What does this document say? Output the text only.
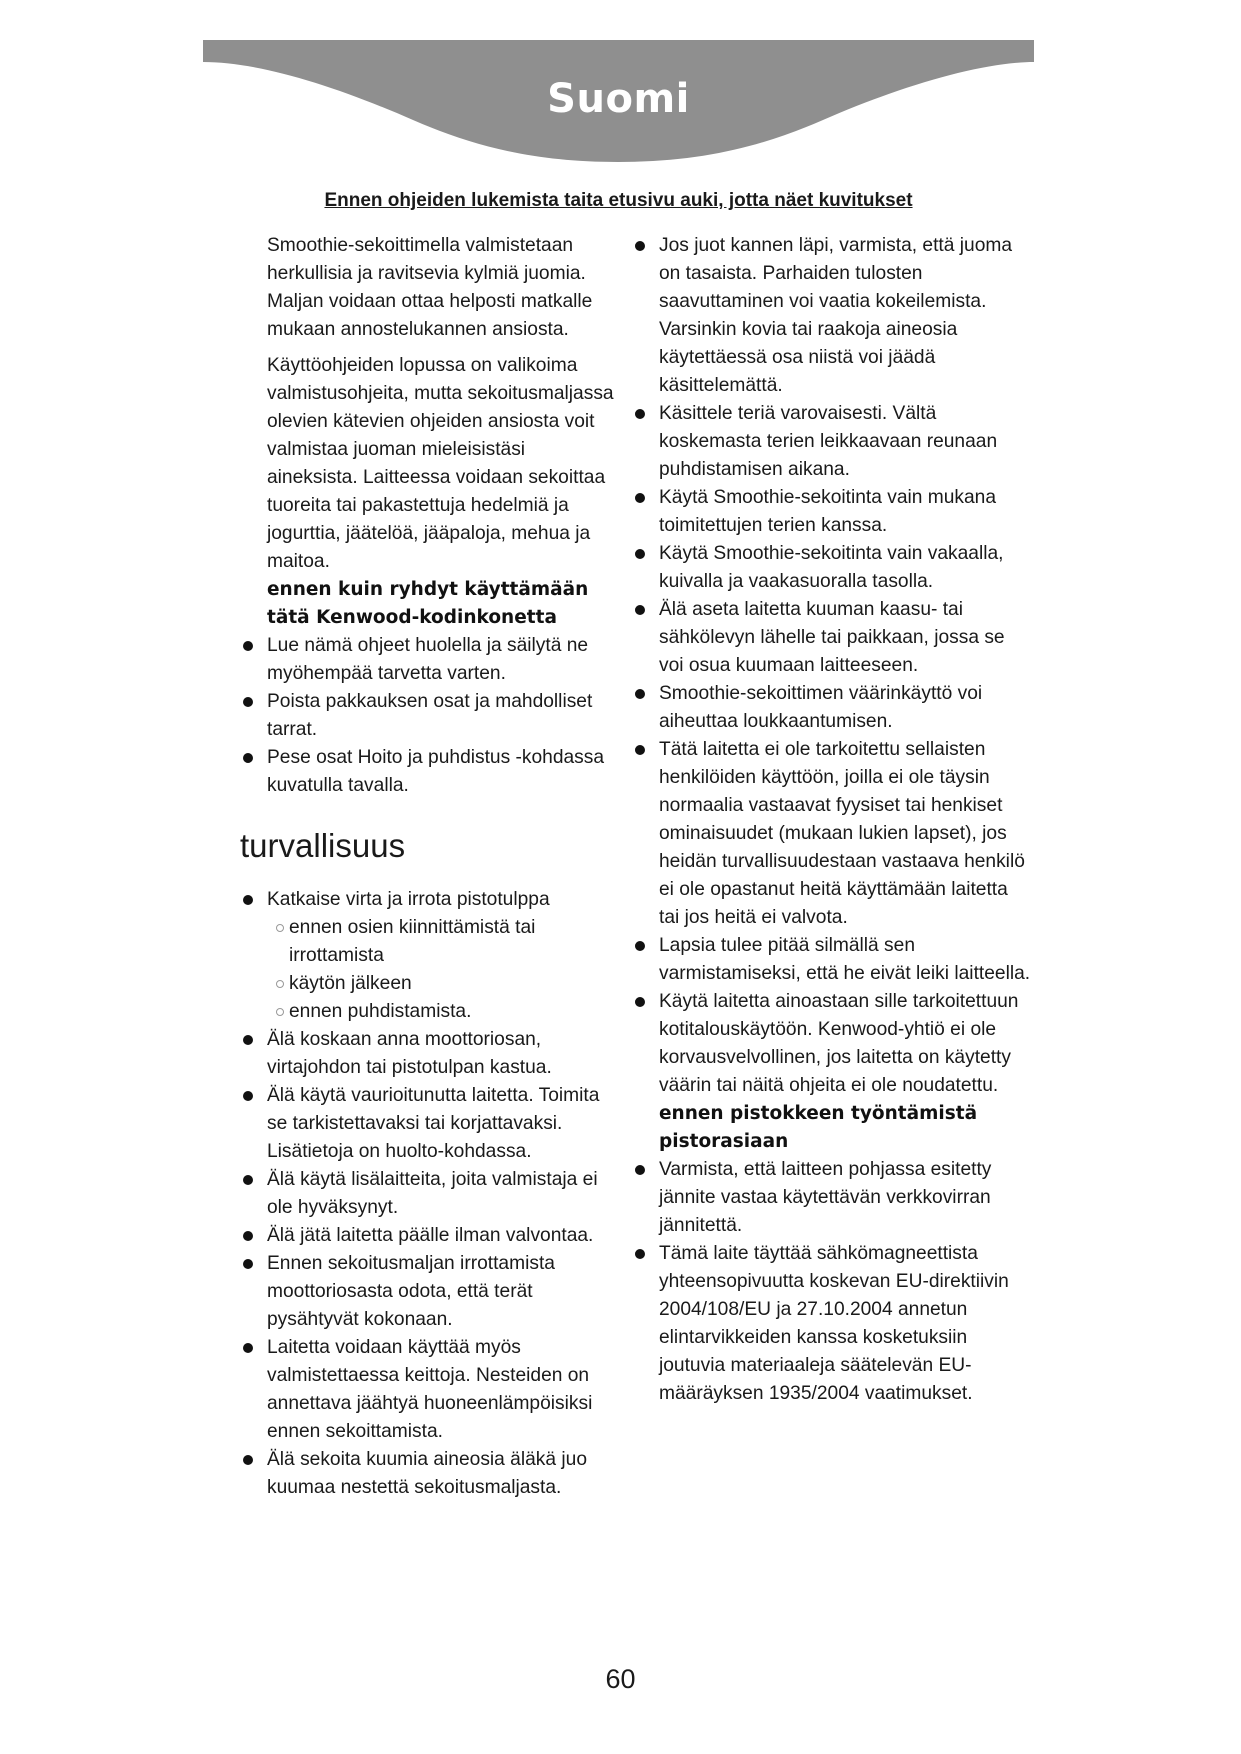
Suomi
Ennen ohjeiden lukemista taita etusivu auki, jotta näet kuvitukset

Smoothie-sekoittimella valmistetaan herkullisia ja ravitsevia kylmiä juomia. Maljan voidaan ottaa helposti matkalle mukaan annostelukannen ansiosta.

Käyttöohjeiden lopussa on valikoima valmistusohjeita, mutta sekoitusmaljassa olevien kätevien ohjeiden ansiosta voit valmistaa juoman mieleisistäsi aineksista. Laitteessa voidaan sekoittaa tuoreita tai pakastettuja hedelmiä ja jogurttia, jäätelöä, jääpaloja, mehua ja maitoa.

ennen kuin ryhdyt käyttämään tätä Kenwood-kodinkonetta

Lue nämä ohjeet huolella ja säilytä ne myöhempää tarvetta varten.
Poista pakkauksen osat ja mahdolliset tarrat.
Pese osat Hoito ja puhdistus -kohdassa kuvatulla tavalla.
turvallisuus
Katkaise virta ja irrota pistotulppa
ennen osien kiinnittämistä tai irrottamista
käytön jälkeen
ennen puhdistamista.
Älä koskaan anna moottoriosan, virtajohdon tai pistotulpan kastua.
Älä käytä vaurioitunutta laitetta. Toimita se tarkistettavaksi tai korjattavaksi. Lisätietoja on huolto-kohdassa.
Älä käytä lisälaitteita, joita valmistaja ei ole hyväksynyt.
Älä jätä laitetta päälle ilman valvontaa.
Ennen sekoitusmaljan irrottamista moottoriosasta odota, että terät pysähtyvät kokonaan.
Laitetta voidaan käyttää myös valmistettaessa keittoja. Nesteiden on annettava jäähtyä huoneenlämpöisiksi ennen sekoittamista.
Älä sekoita kuumia aineosia äläkä juo kuumaa nestettä sekoitusmaljasta.
Jos juot kannen läpi, varmista, että juoma on tasaista. Parhaiden tulosten saavuttaminen voi vaatia kokeilemista. Varsinkin kovia tai raakoja aineosia käytettäessä osa niistä voi jäädä käsittelemättä.
Käsittele teriä varovaisesti. Vältä koskemasta terien leikkaavaan reunaan puhdistamisen aikana.
Käytä Smoothie-sekoitinta vain mukana toimitettujen terien kanssa.
Käytä Smoothie-sekoitinta vain vakaalla, kuivalla ja vaakasuoralla tasolla.
Älä aseta laitetta kuuman kaasu- tai sähkölevyn lähelle tai paikkaan, jossa se voi osua kuumaan laitteeseen.
Smoothie-sekoittimen väärinkäyttö voi aiheuttaa loukkaantumisen.
Tätä laitetta ei ole tarkoitettu sellaisten henkilöiden käyttöön, joilla ei ole täysin normaalia vastaavat fyysiset tai henkiset ominaisuudet (mukaan lukien lapset), jos heidän turvallisuudestaan vastaava henkilö ei ole opastanut heitä käyttämään laitetta tai jos heitä ei valvota.
Lapsia tulee pitää silmällä sen varmistamiseksi, että he eivät leiki laitteella.
Käytä laitetta ainoastaan sille tarkoitettuun kotitalouskäytöön. Kenwood-yhtiö ei ole korvausvelvollinen, jos laitetta on käytetty väärin tai näitä ohjeita ei ole noudatettu.

ennen pistokkeen työntämistä pistorasiaan

Varmista, että laitteen pohjassa esitetty jännite vastaa käytettävän verkkovirran jännitettä.
Tämä laite täyttää sähkömagneettista yhteensopivuutta koskevan EU-direktiivin 2004/108/EU ja 27.10.2004 annetun elintarvikkeiden kanssa kosketuksiin joutuvia materiaaleja säätelevän EU-määräyksen 1935/2004 vaatimukset.
60
